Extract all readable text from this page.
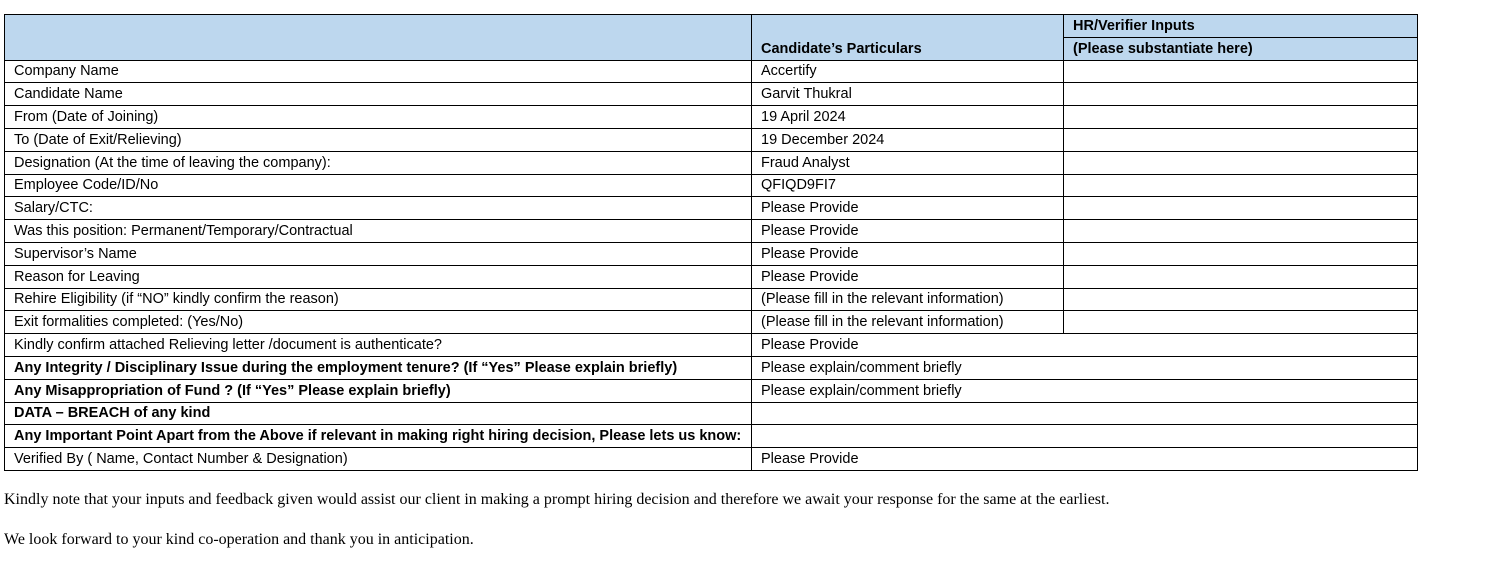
	Candidate’s Particulars	HR/Verifier Inputs
		(Please substantiate here)
Company Name	Accertify	
Candidate Name	Garvit Thukral	
From (Date of Joining)	19 April 2024	
To (Date of Exit/Relieving)	19 December 2024	
Designation (At the time of leaving the company):	Fraud Analyst	
Employee Code/ID/No	QFIQD9FI7	
Salary/CTC:	Please Provide	
Was this position: Permanent/Temporary/Contractual	Please Provide	
Supervisor’s Name	Please Provide	
Reason for Leaving	Please Provide	
Rehire Eligibility (if “NO” kindly confirm the reason)	(Please fill in the relevant information)	
Exit formalities completed: (Yes/No)	(Please fill in the relevant information)	
Kindly confirm attached Relieving letter /document is authenticate?	Please Provide	
Any Integrity / Disciplinary Issue during the employment tenure? (If “Yes” Please explain briefly)	Please explain/comment briefly	
Any Misappropriation of Fund ? (If “Yes” Please explain briefly)	Please explain/comment briefly	
DATA – BREACH of any kind		
Any Important Point Apart from the Above if relevant in making right hiring decision, Please lets us know:		
Verified By ( Name, Contact Number & Designation)	Please Provide	

Kindly note that your inputs and feedback given would assist our client in making a prompt hiring decision and therefore we await your response for the same at the earliest.

We look forward to your kind co-operation and thank you in anticipation.
